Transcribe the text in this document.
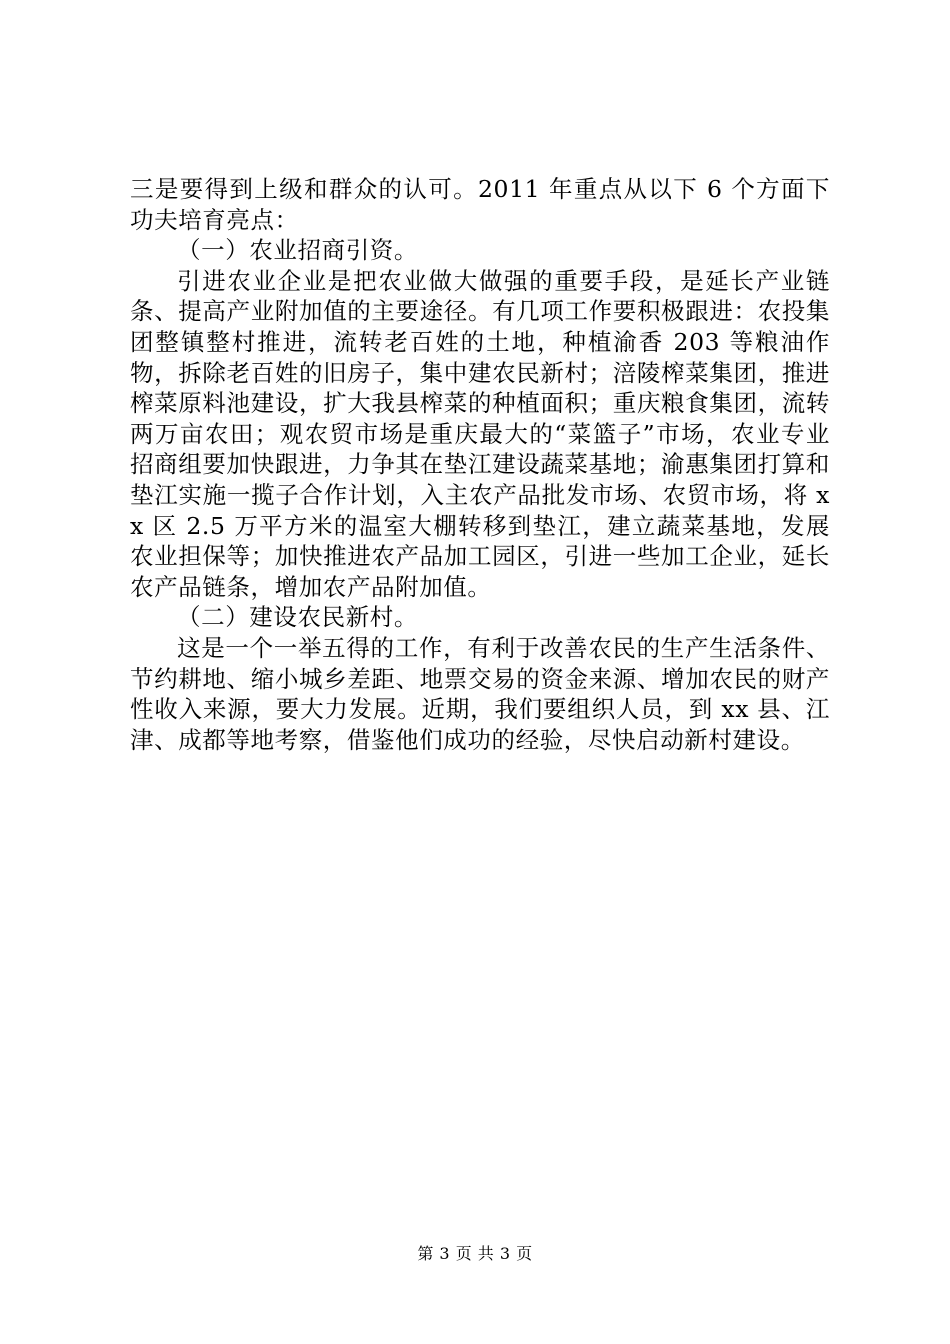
三是要得到上级和群众的认可。2011 年重点从以下 6 个方面下功夫培育亮点：

（一）农业招商引资。

引进农业企业是把农业做大做强的重要手段，是延长产业链条、提高产业附加值的主要途径。有几项工作要积极跟进：农投集团整镇整村推进，流转老百姓的土地，种植渝香 203 等粮油作物，拆除老百姓的旧房子，集中建农民新村；涪陵榨菜集团，推进榨菜原料池建设，扩大我县榨菜的种植面积；重庆粮食集团，流转两万亩农田；观农贸市场是重庆最大的“菜篮子”市场，农业专业招商组要加快跟进，力争其在垫江建设蔬菜基地；渝惠集团打算和垫江实施一揽子合作计划，入主农产品批发市场、农贸市场，将 xx 区 2.5 万平方米的温室大棚转移到垫江，建立蔬菜基地，发展农业担保等；加快推进农产品加工园区，引进一些加工企业，延长农产品链条，增加农产品附加值。

（二）建设农民新村。

这是一个一举五得的工作，有利于改善农民的生产生活条件、节约耕地、缩小城乡差距、地票交易的资金来源、增加农民的财产性收入来源，要大力发展。近期，我们要组织人员，到 xx 县、江津、成都等地考察，借鉴他们成功的经验，尽快启动新村建设。

第 3 页 共 3 页
